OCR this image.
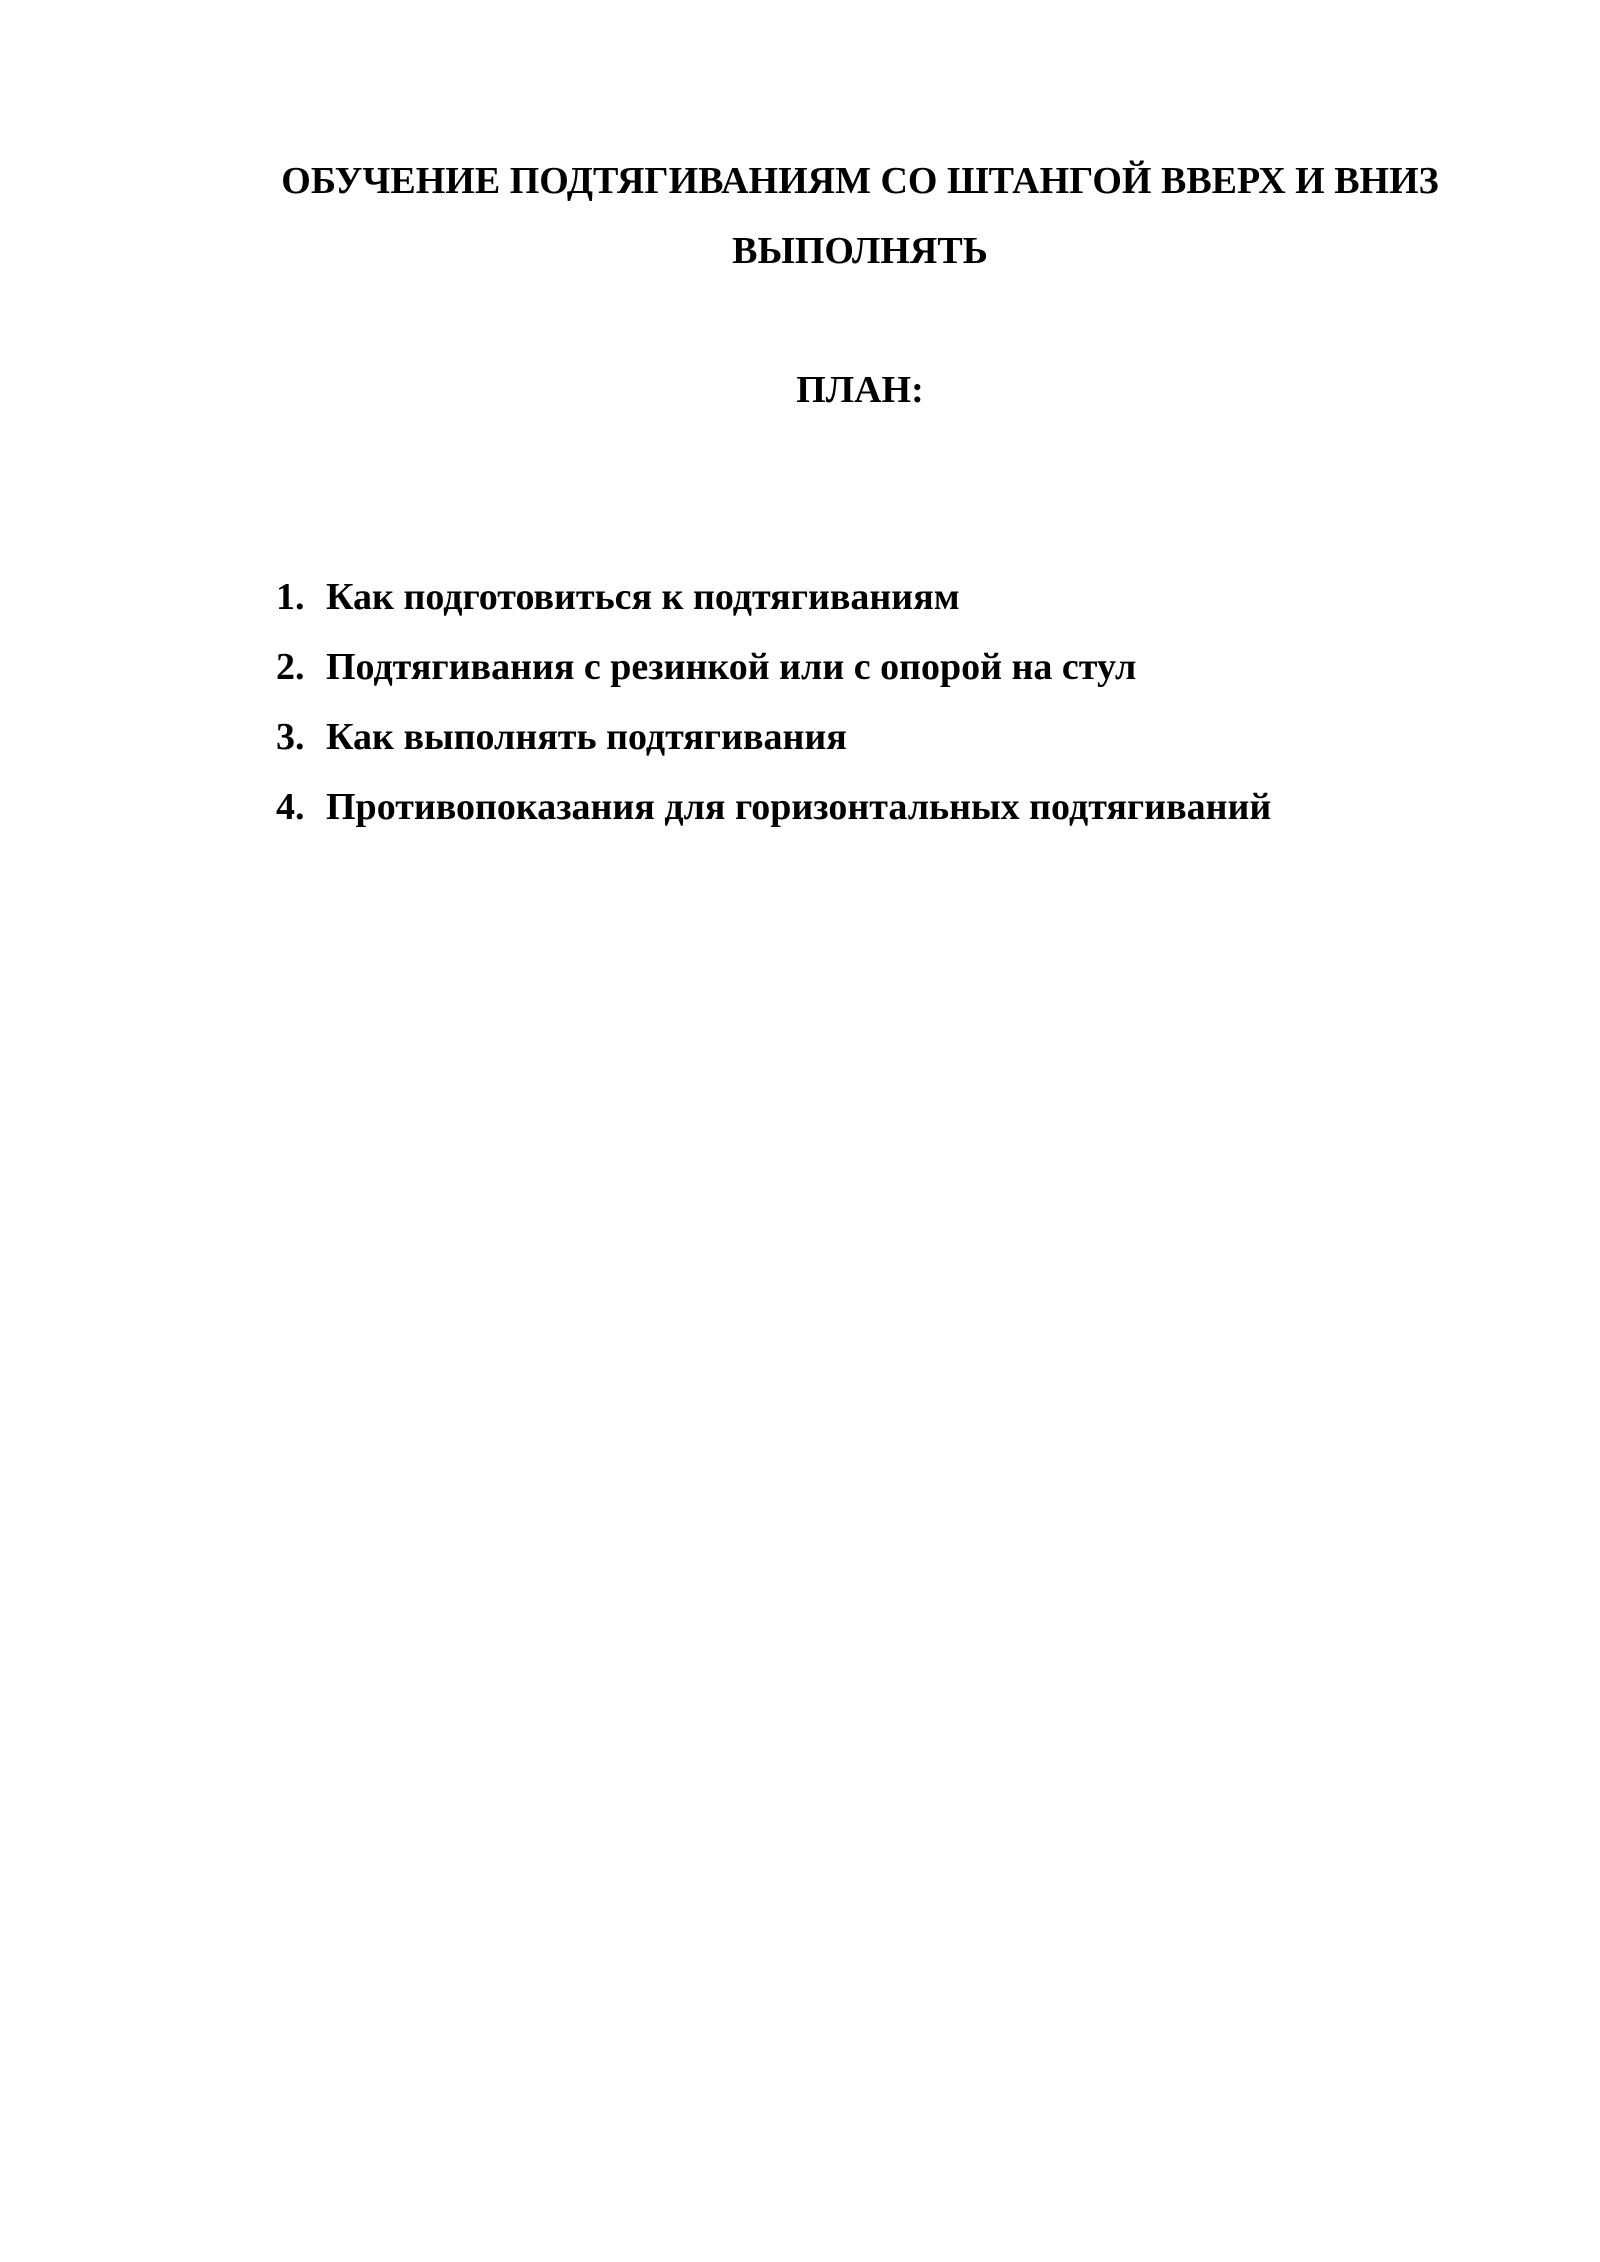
ОБУЧЕНИЕ ПОДТЯГИВАНИЯМ СО ШТАНГОЙ ВВЕРХ И ВНИЗ
ВЫПОЛНЯТЬ
ПЛАН:
1. Как подготовиться к подтягиваниям
2. Подтягивания с резинкой или с опорой на стул
3. Как выполнять подтягивания
4. Противопоказания для горизонтальных подтягиваний
